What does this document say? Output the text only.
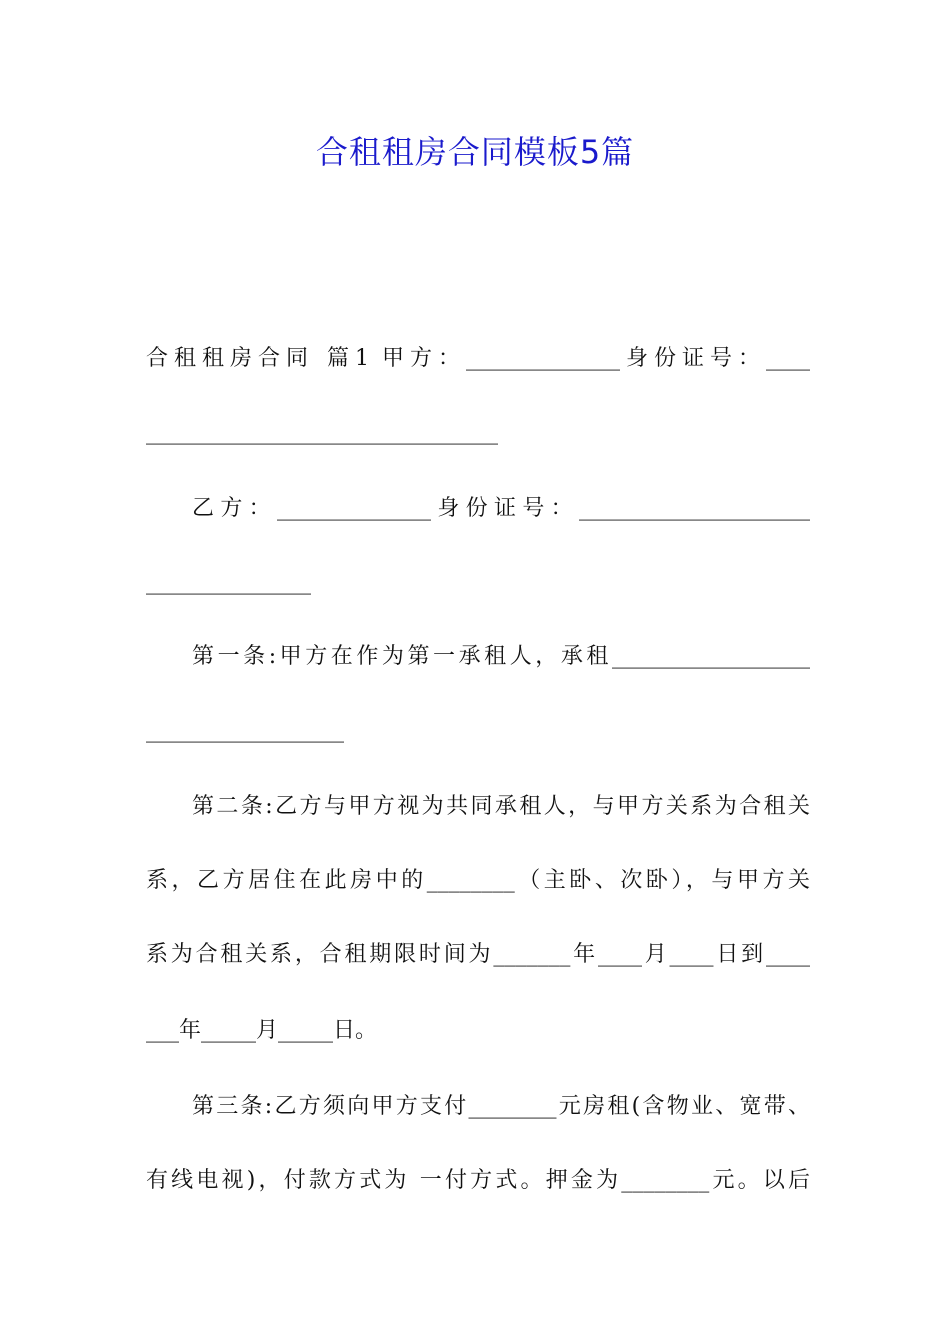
合租租房合同模板5篇
合租租房合同 篇1 甲方：______________身份证号：____
________________________________
乙方：______________身份证号：_____________________
_______________
第一条:甲方在作为第一承租人，承租__________________
__________________
第二条:乙方与甲方视为共同承租人，与甲方关系为合租关
系，乙方居住在此房中的________（主卧、次卧），与甲方关
系为合租关系，合租期限时间为_______年____月____日到____
___年_____月_____日。
第三条:乙方须向甲方支付________元房租(含物业、宽带、
有线电视)，付款方式为 一付方式。押金为________元。以后
